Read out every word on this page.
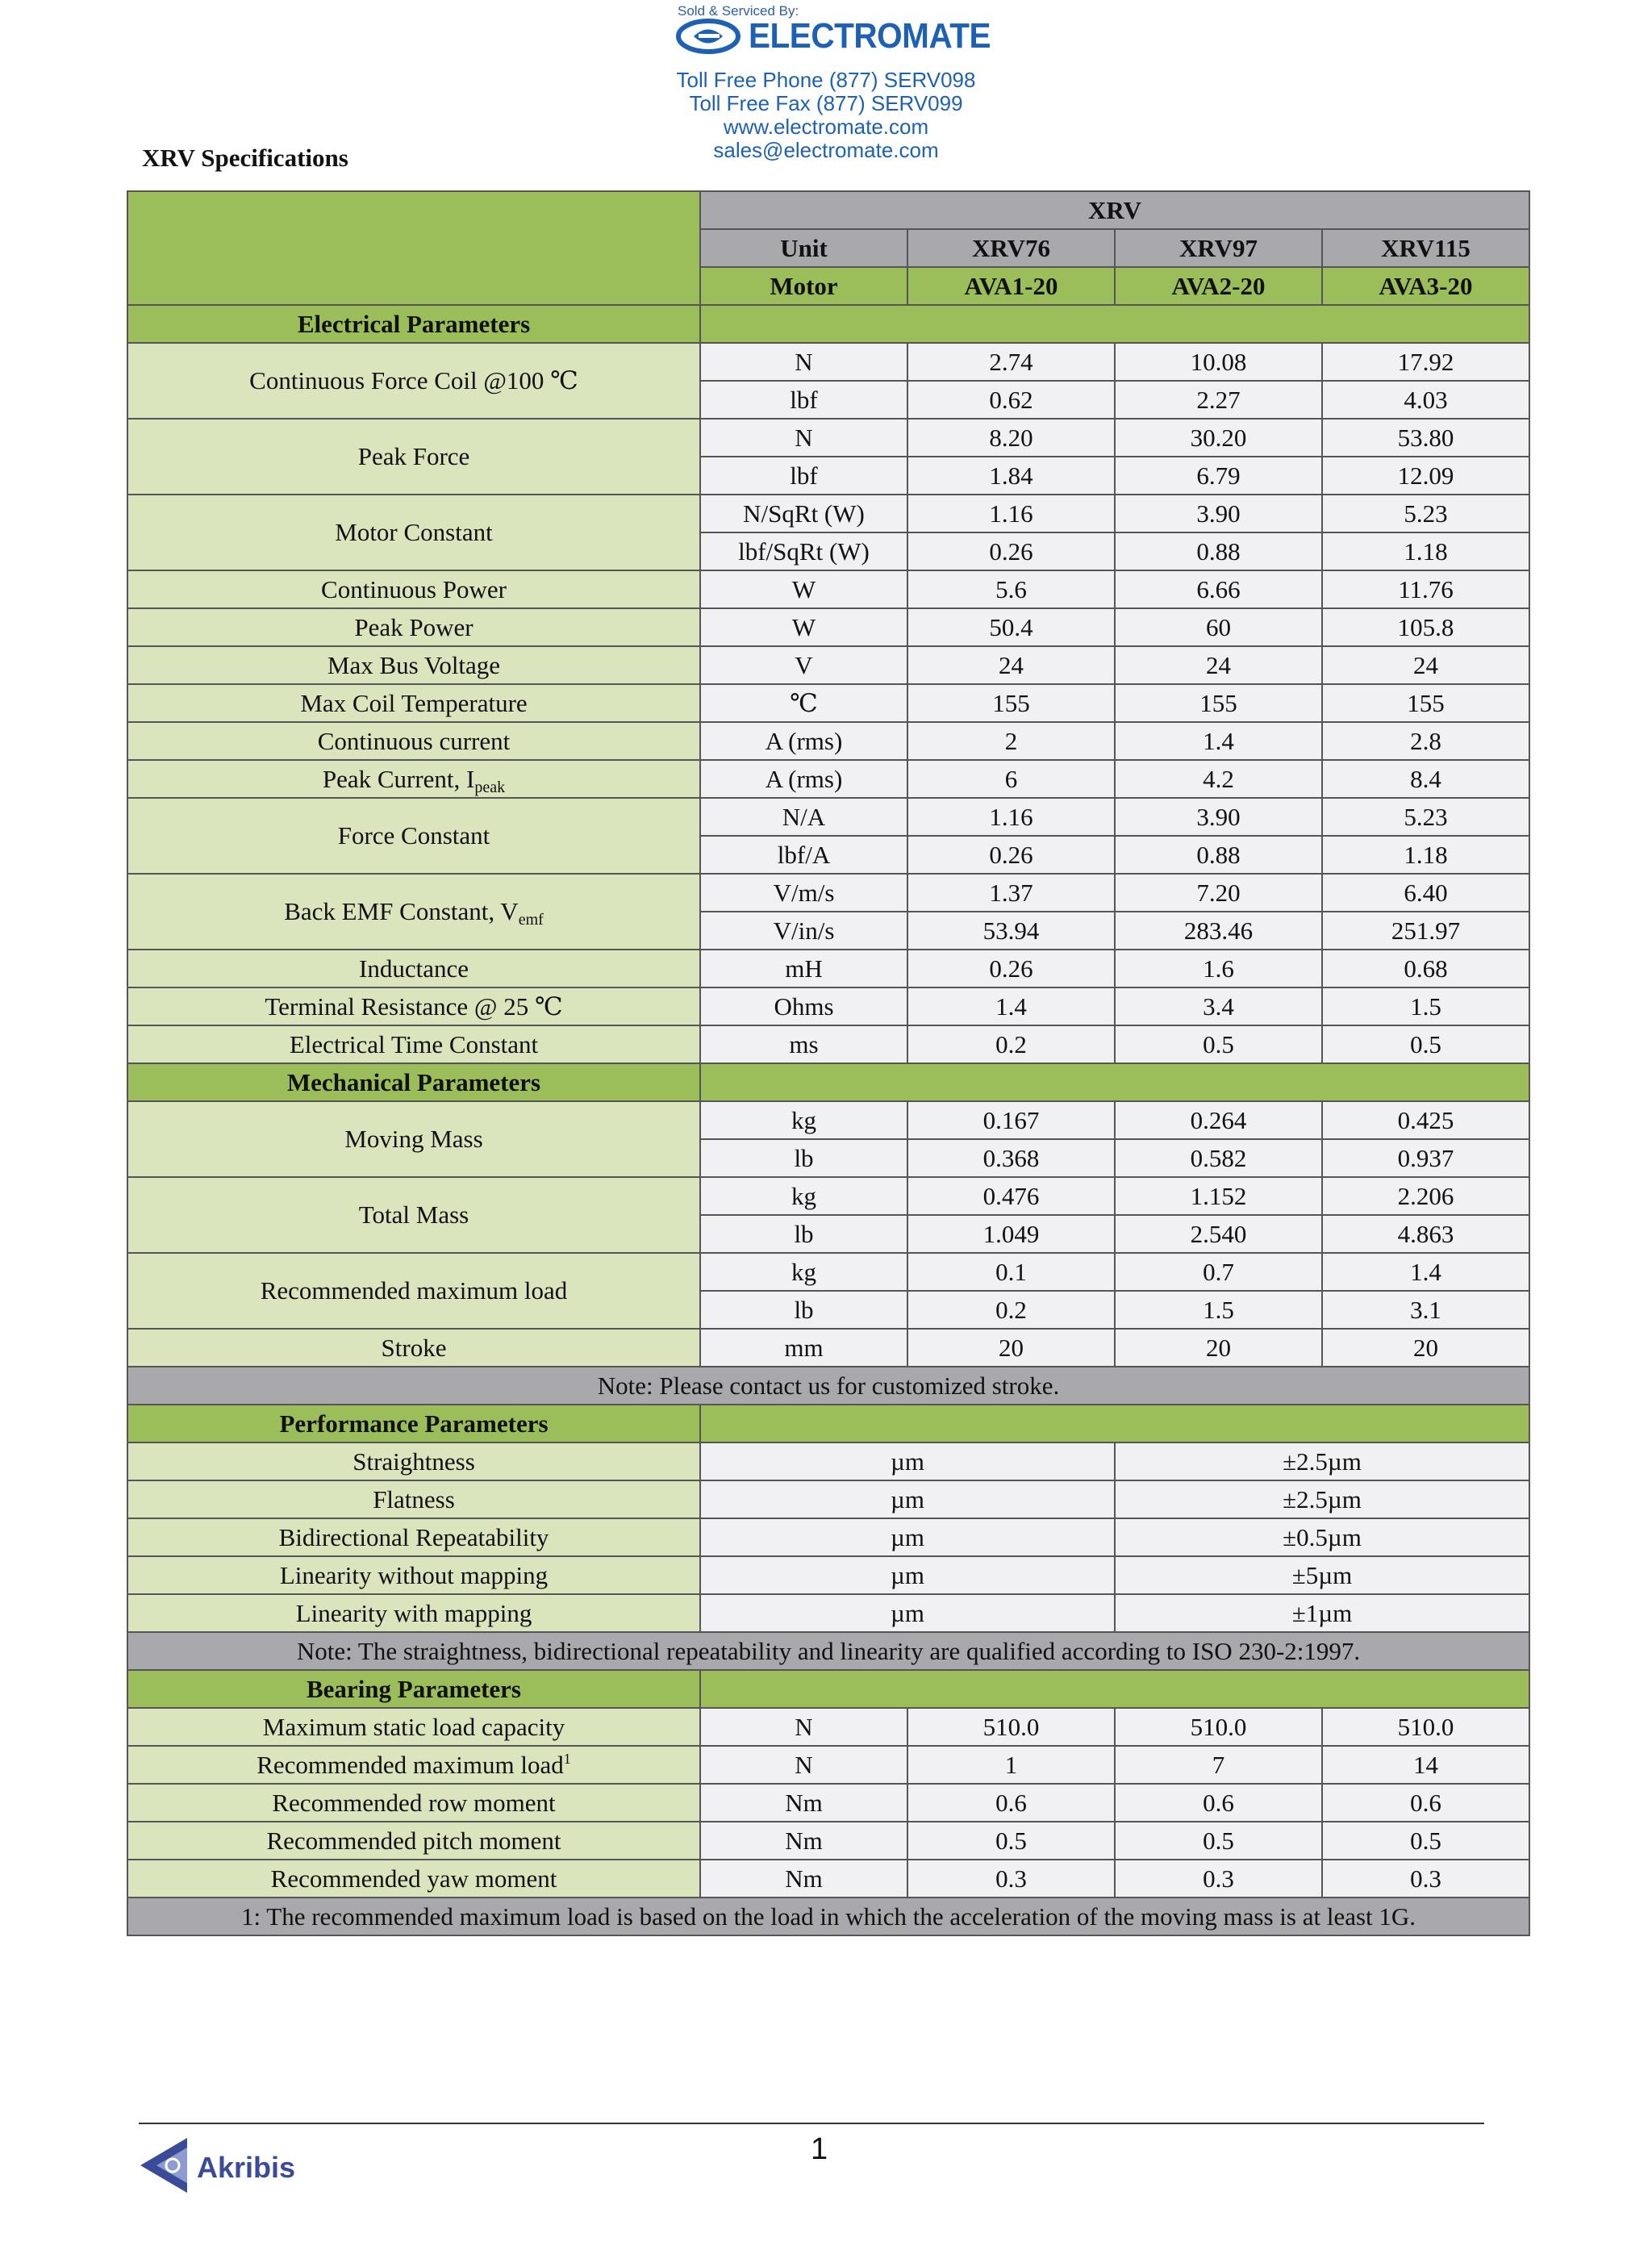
Sold & Serviced By:
ELECTROMATE
Toll Free Phone (877) SERV098
Toll Free Fax (877) SERV099
www.electromate.com
sales@electromate.com
XRV Specifications
	XRV			
	Unit	XRV76	XRV97	XRV115
	Motor	AVA1-20	AVA2-20	AVA3-20
Electrical Parameters				
Continuous Force Coil @100 ℃	N	2.74	10.08	17.92
	lbf	0.62	2.27	4.03
Peak Force	N	8.20	30.20	53.80
	lbf	1.84	6.79	12.09
Motor Constant	N/SqRt (W)	1.16	3.90	5.23
	lbf/SqRt (W)	0.26	0.88	1.18
Continuous Power	W	5.6	6.66	11.76
Peak Power	W	50.4	60	105.8
Max Bus Voltage	V	24	24	24
Max Coil Temperature	℃	155	155	155
Continuous current	A (rms)	2	1.4	2.8
Peak Current, $I_{peak}$	A (rms)	6	4.2	8.4
Force Constant	N/A	1.16	3.90	5.23
	lbf/A	0.26	0.88	1.18
Back EMF Constant, $V_{emf}$	V/m/s	1.37	7.20	6.40
	V/in/s	53.94	283.46	251.97
Inductance	mH	0.26	1.6	0.68
Terminal Resistance @ 25 ℃	Ohms	1.4	3.4	1.5
Electrical Time Constant	ms	0.2	0.5	0.5
Mechanical Parameters				
Moving Mass	kg	0.167	0.264	0.425
	lb	0.368	0.582	0.937
Total Mass	kg	0.476	1.152	2.206
	lb	1.049	2.540	4.863
Recommended maximum load	kg	0.1	0.7	1.4
	lb	0.2	1.5	3.1
Stroke	mm	20	20	20
Note: Please contact us for customized stroke.				
Performance Parameters				
Straightness	µm		±2.5µm	
Flatness	µm		±2.5µm	
Bidirectional Repeatability	µm		±0.5µm	
Linearity without mapping	µm		±5µm	
Linearity with mapping	µm		±1µm	
Note: The straightness, bidirectional repeatability and linearity are qualified according to ISO 230-2:1997.				
Bearing Parameters				
Maximum static load capacity	N	510.0	510.0	510.0
Recommended maximum load$^1$	N	1	7	14
Recommended row moment	Nm	0.6	0.6	0.6
Recommended pitch moment	Nm	0.5	0.5	0.5
Recommended yaw moment	Nm	0.3	0.3	0.3
1: The recommended maximum load is based on the load in which the acceleration of the moving mass is at least 1G.				
Akribis
1
